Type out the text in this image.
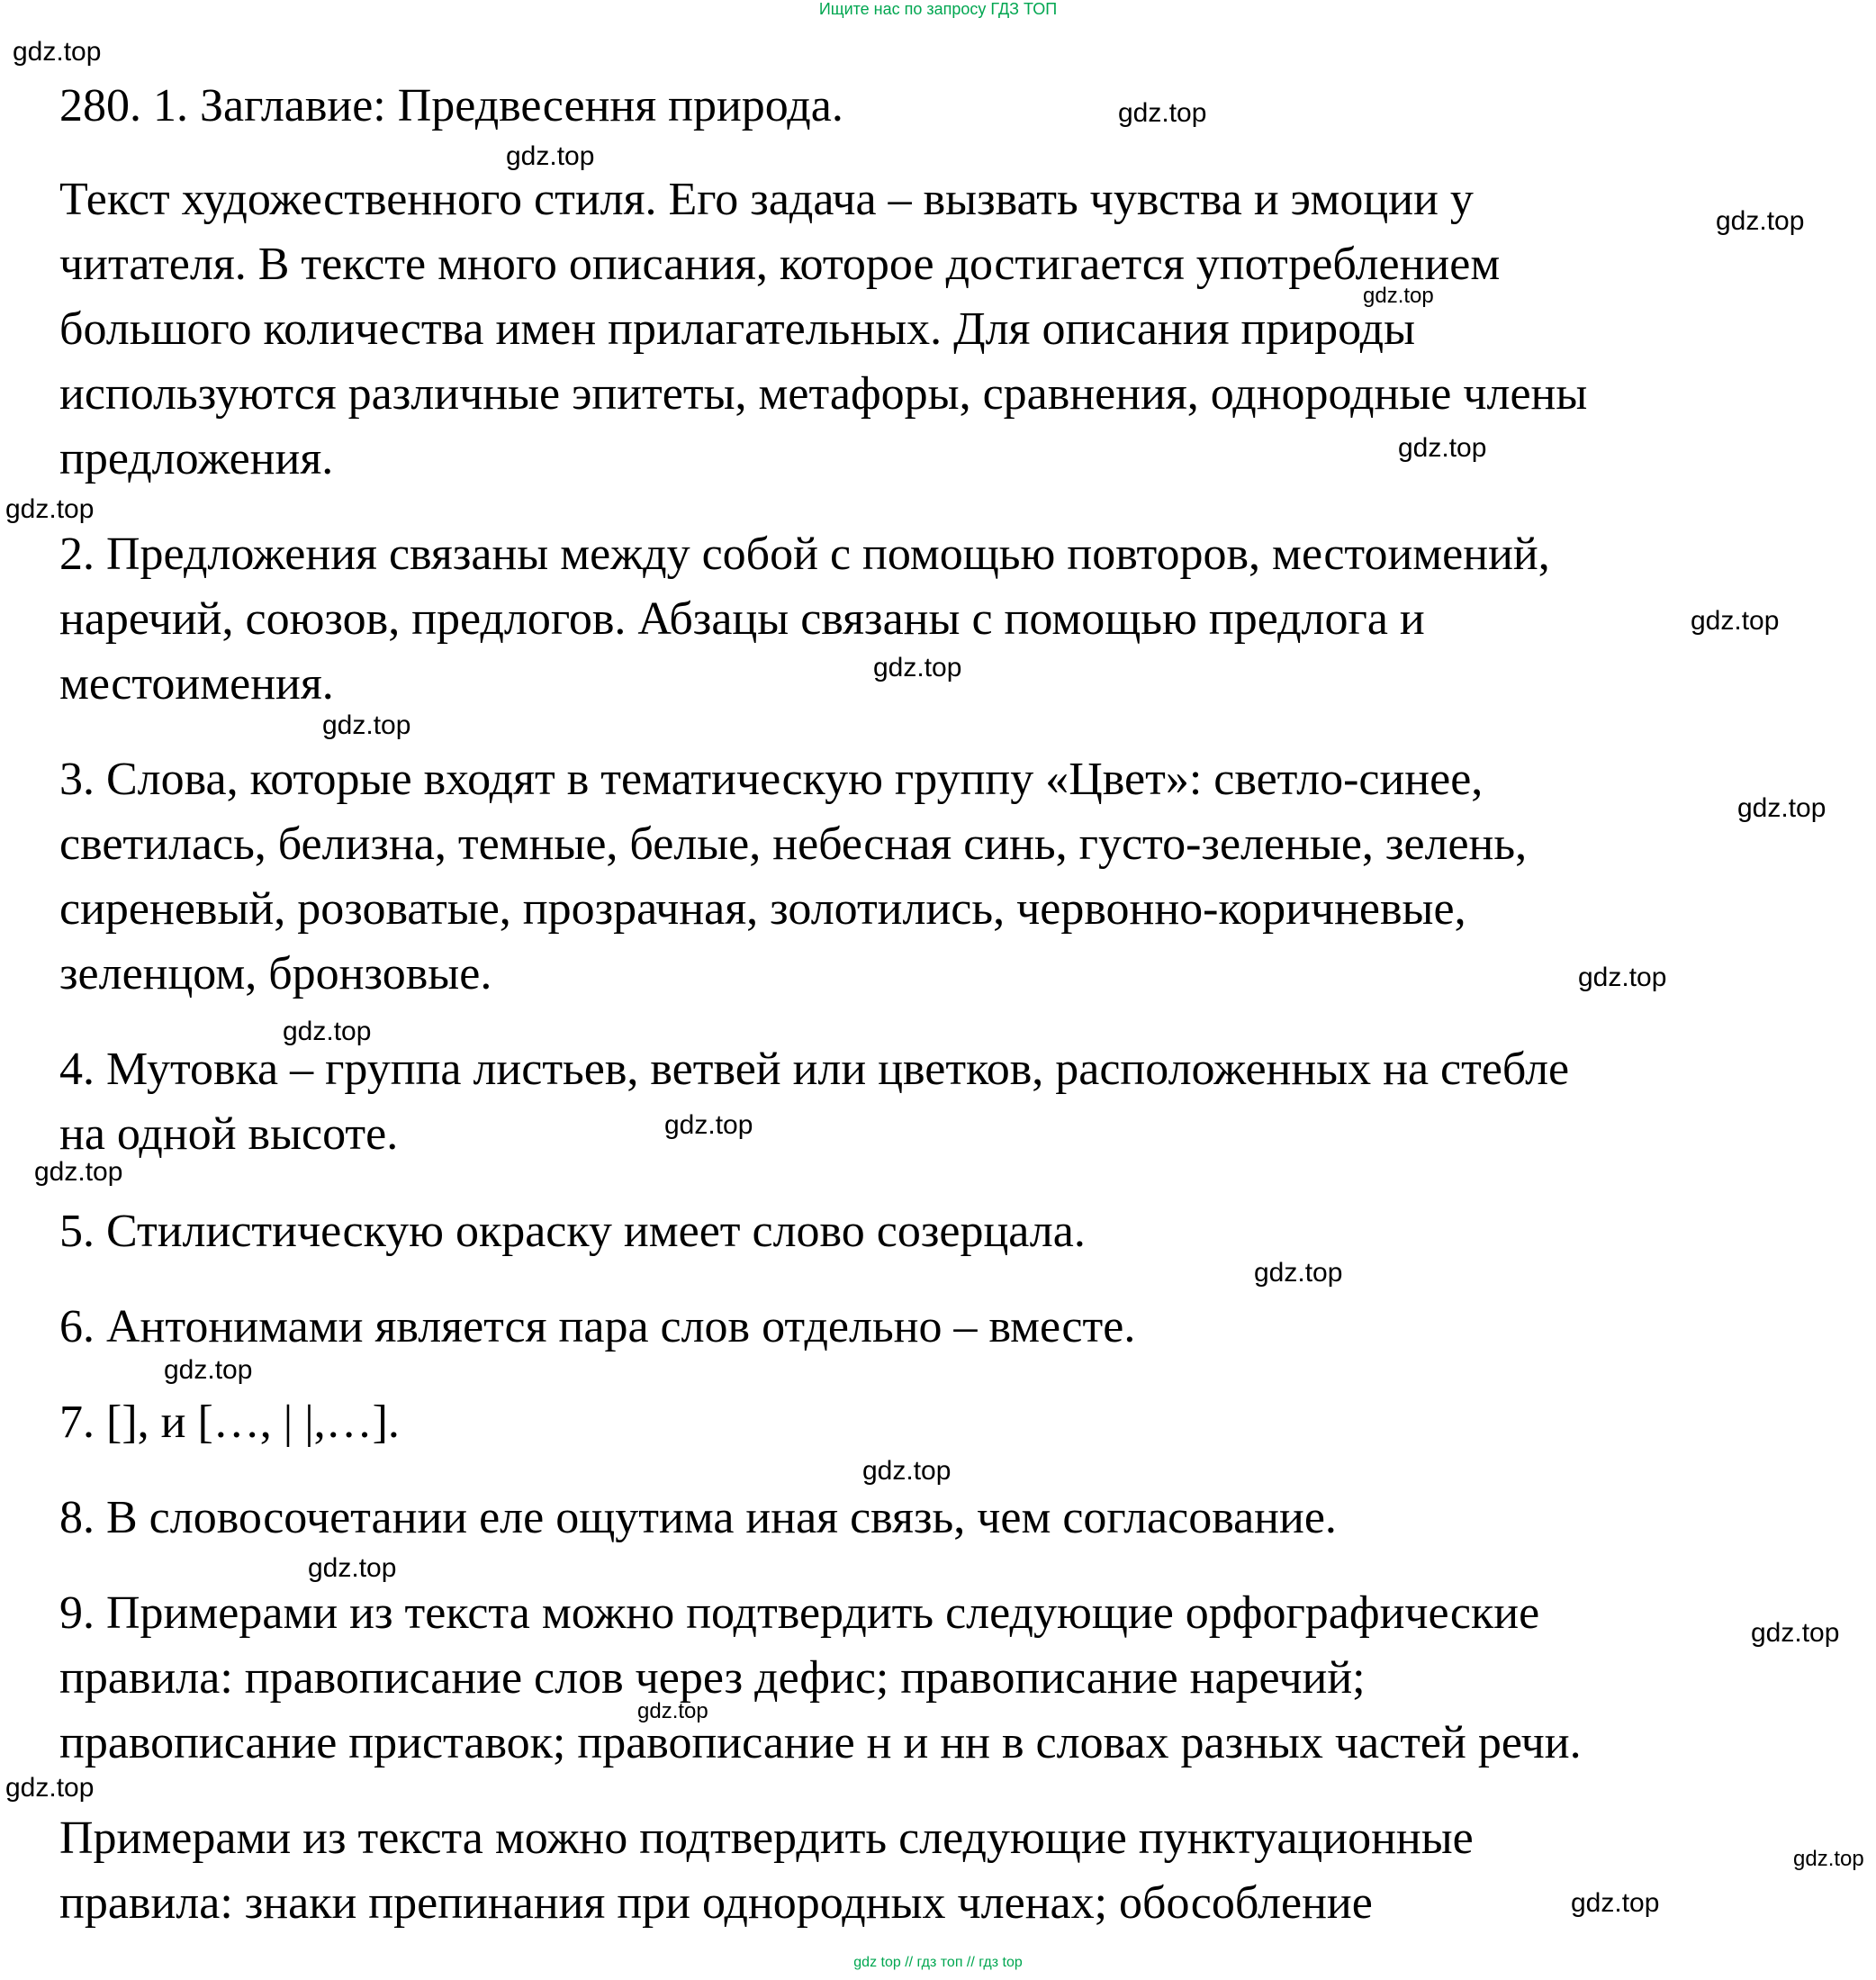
Ищите нас по запросу ГДЗ ТОП
280. 1. Заглавие: Предвесення природа.
Текст художественного стиля. Его задача – вызвать чувства и эмоции у
читателя. В тексте много описания, которое достигается употреблением
большого количества имен прилагательных. Для описания природы
используются различные эпитеты, метафоры, сравнения, однородные члены
предложения.
2. Предложения связаны между собой с помощью повторов, местоимений,
наречий, союзов, предлогов. Абзацы связаны с помощью предлога и
местоимения.
3. Слова, которые входят в тематическую группу «Цвет»: светло-синее,
светилась, белизна, темные, белые, небесная синь, густо-зеленые, зелень,
сиреневый, розоватые, прозрачная, золотились, червонно-коричневые,
зеленцом, бронзовые.
4. Мутовка – группа листьев, ветвей или цветков, расположенных на стебле
на одной высоте.
5. Стилистическую окраску имеет слово созерцала.
6. Антонимами является пара слов отдельно – вместе.
7. [], и […, | |,…].
8. В словосочетании еле ощутима иная связь, чем согласование.
9. Примерами из текста можно подтвердить следующие орфографические
правила: правописание слов через дефис; правописание наречий;
правописание приставок; правописание н и нн в словах разных частей речи.
Примерами из текста можно подтвердить следующие пунктуационные
правила: знаки препинания при однородных членах; обособление
gdz.top
gdz.top
gdz.top
gdz.top
gdz.top
gdz.top
gdz.top
gdz.top
gdz.top
gdz.top
gdz.top
gdz.top
gdz.top
gdz.top
gdz.top
gdz.top
gdz.top
gdz.top
gdz.top
gdz.top
gdz.top
gdz.top
gdz.top
gdz.top
gdz top // гдз топ // гдз top
